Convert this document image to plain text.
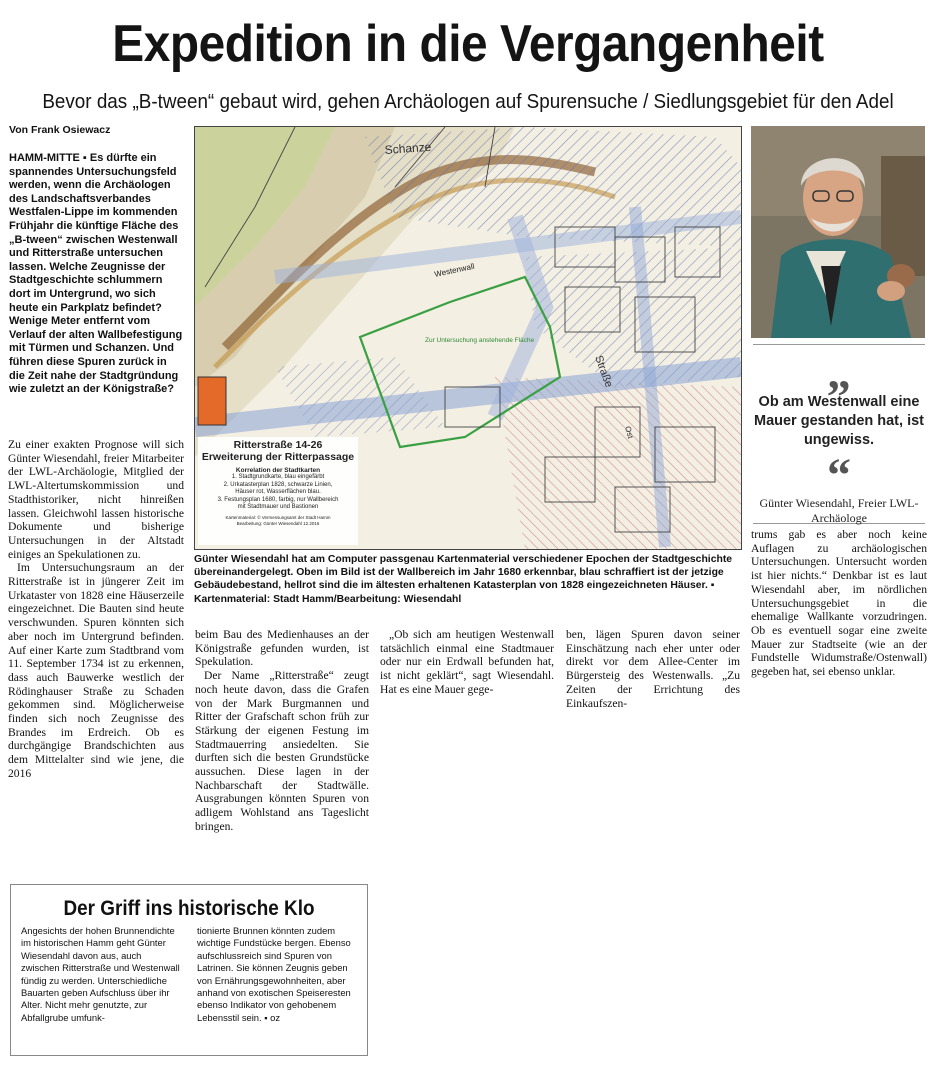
Expedition in die Vergangenheit
Bevor das „B-tween“ gebaut wird, gehen Archäologen auf Spurensuche / Siedlungsgebiet für den Adel
Von Frank Osiewacz
HAMM-MITTE ▪ Es dürfte ein spannendes Untersuchungsfeld werden, wenn die Archäologen des Landschaftsverbandes Westfalen-Lippe im kommenden Frühjahr die künftige Fläche des „B-tween“ zwischen Westenwall und Ritterstraße untersuchen lassen. Welche Zeugnisse der Stadtgeschichte schlummern dort im Untergrund, wo sich heute ein Parkplatz befindet? Wenige Meter entfernt vom Verlauf der alten Wallbefestigung mit Türmen und Schanzen. Und führen diese Spuren zurück in die Zeit nahe der Stadtgründung wie zuletzt an der Königstraße?

Zu einer exakten Prognose will sich Günter Wiesendahl, freier Mitarbeiter der LWL-Archäologie, Mitglied der LWL-Altertumskommission und Stadthistoriker, nicht hinreißen lassen. Gleichwohl lassen historische Dokumente und bisherige Untersuchungen in der Altstadt einiges an Spekulationen zu.

Im Untersuchungsraum an der Ritterstraße ist in jüngerer Zeit im Urkataster von 1828 eine Häuserzeile eingezeichnet. Die Bauten sind heute verschwunden. Spuren könnten sich aber noch im Untergrund befinden. Auf einer Karte zum Stadtbrand vom 11. September 1734 ist zu erkennen, dass auch Bauwerke westlich der Rödinghauser Straße zu Schaden gekommen sind. Möglicherweise finden sich noch Zeugnisse des Brandes im Erdreich. Ob es durchgängige Brandschichten aus dem Mittelalter sind wie jene, die 2016

Schanze
Westenwall
Straße
Zur Untersuchung anstehende Fläche
Ost
Ritterstraße 14-26
Erweiterung der Ritterpassage
Korrelation der Stadtkarten
1. Stadtgrundkarte, blau eingefärbt
2. Urkatasterplan 1828, schwarze Linien,
Häuser rot, Wasserflächen blau.
3. Festungsplan 1680, farbig, nur Wallbereich
mit Stadtmauer und Bastionen
Kartenmaterial: © Vermessungsamt der Stadt Hamm
Bearbeitung: Günter Wiesendahl 12.2016
Günter Wiesendahl hat am Computer passgenau Kartenmaterial verschiedener Epochen der Stadtgeschichte übereinandergelegt. Oben im Bild ist der Wallbereich im Jahr 1680 erkennbar, blau schraffiert ist der jetzige Gebäudebestand, hellrot sind die im ältesten erhaltenen Katasterplan von 1828 eingezeichneten Häuser. ▪ Kartenmaterial: Stadt Hamm/Bearbeitung: Wiesendahl
„
Ob am Westenwall eine Mauer gestanden hat, ist ungewiss.
“
Günter Wiesendahl, Freier LWL-Archäologe

beim Bau des Medienhauses an der Königstraße gefunden wurden, ist Spekulation.

Der Name „Ritterstraße“ zeugt noch heute davon, dass die Grafen von der Mark Burgmannen und Ritter der Grafschaft schon früh zur Stärkung der eigenen Festung im Stadtmauerring ansiedelten. Sie durften sich die besten Grundstücke aussuchen. Diese lagen in der Nachbarschaft der Stadtwälle. Ausgrabungen könnten Spuren von adligem Wohlstand ans Tageslicht bringen.

„Ob sich am heutigen Westenwall tatsächlich einmal eine Stadtmauer oder nur ein Erdwall befunden hat, ist nicht geklärt“, sagt Wiesendahl. Hat es eine Mauer gege-

ben, lägen Spuren davon seiner Einschätzung nach eher unter oder direkt vor dem Allee-Center im Bürgersteig des Westenwalls. „Zu Zeiten der Errichtung des Einkaufszen-

trums gab es aber noch keine Auflagen zu archäologischen Untersuchungen. Untersucht worden ist hier nichts.“ Denkbar ist es laut Wiesendahl aber, im nördlichen Untersuchungsgebiet in die ehemalige Wallkante vorzudringen. Ob es eventuell sogar eine zweite Mauer zur Stadtseite (wie an der Fundstelle Widumstraße/Ostenwall) gegeben hat, sei ebenso unklar.

Der Griff ins historische Klo
Angesichts der hohen Brunnendichte im historischen Hamm geht Günter Wiesendahl davon aus, auch zwischen Ritterstraße und Westenwall fündig zu werden. Unterschiedliche Bauarten geben Aufschluss über ihr Alter. Nicht mehr genutzte, zur Abfallgrube umfunk-
tionierte Brunnen könnten zudem wichtige Fundstücke bergen. Ebenso aufschlussreich sind Spuren von Latrinen. Sie können Zeugnis geben von Ernährungsgewohnheiten, aber anhand von exotischen Speiseresten ebenso Indikator von gehobenem Lebensstil sein. ▪ oz
